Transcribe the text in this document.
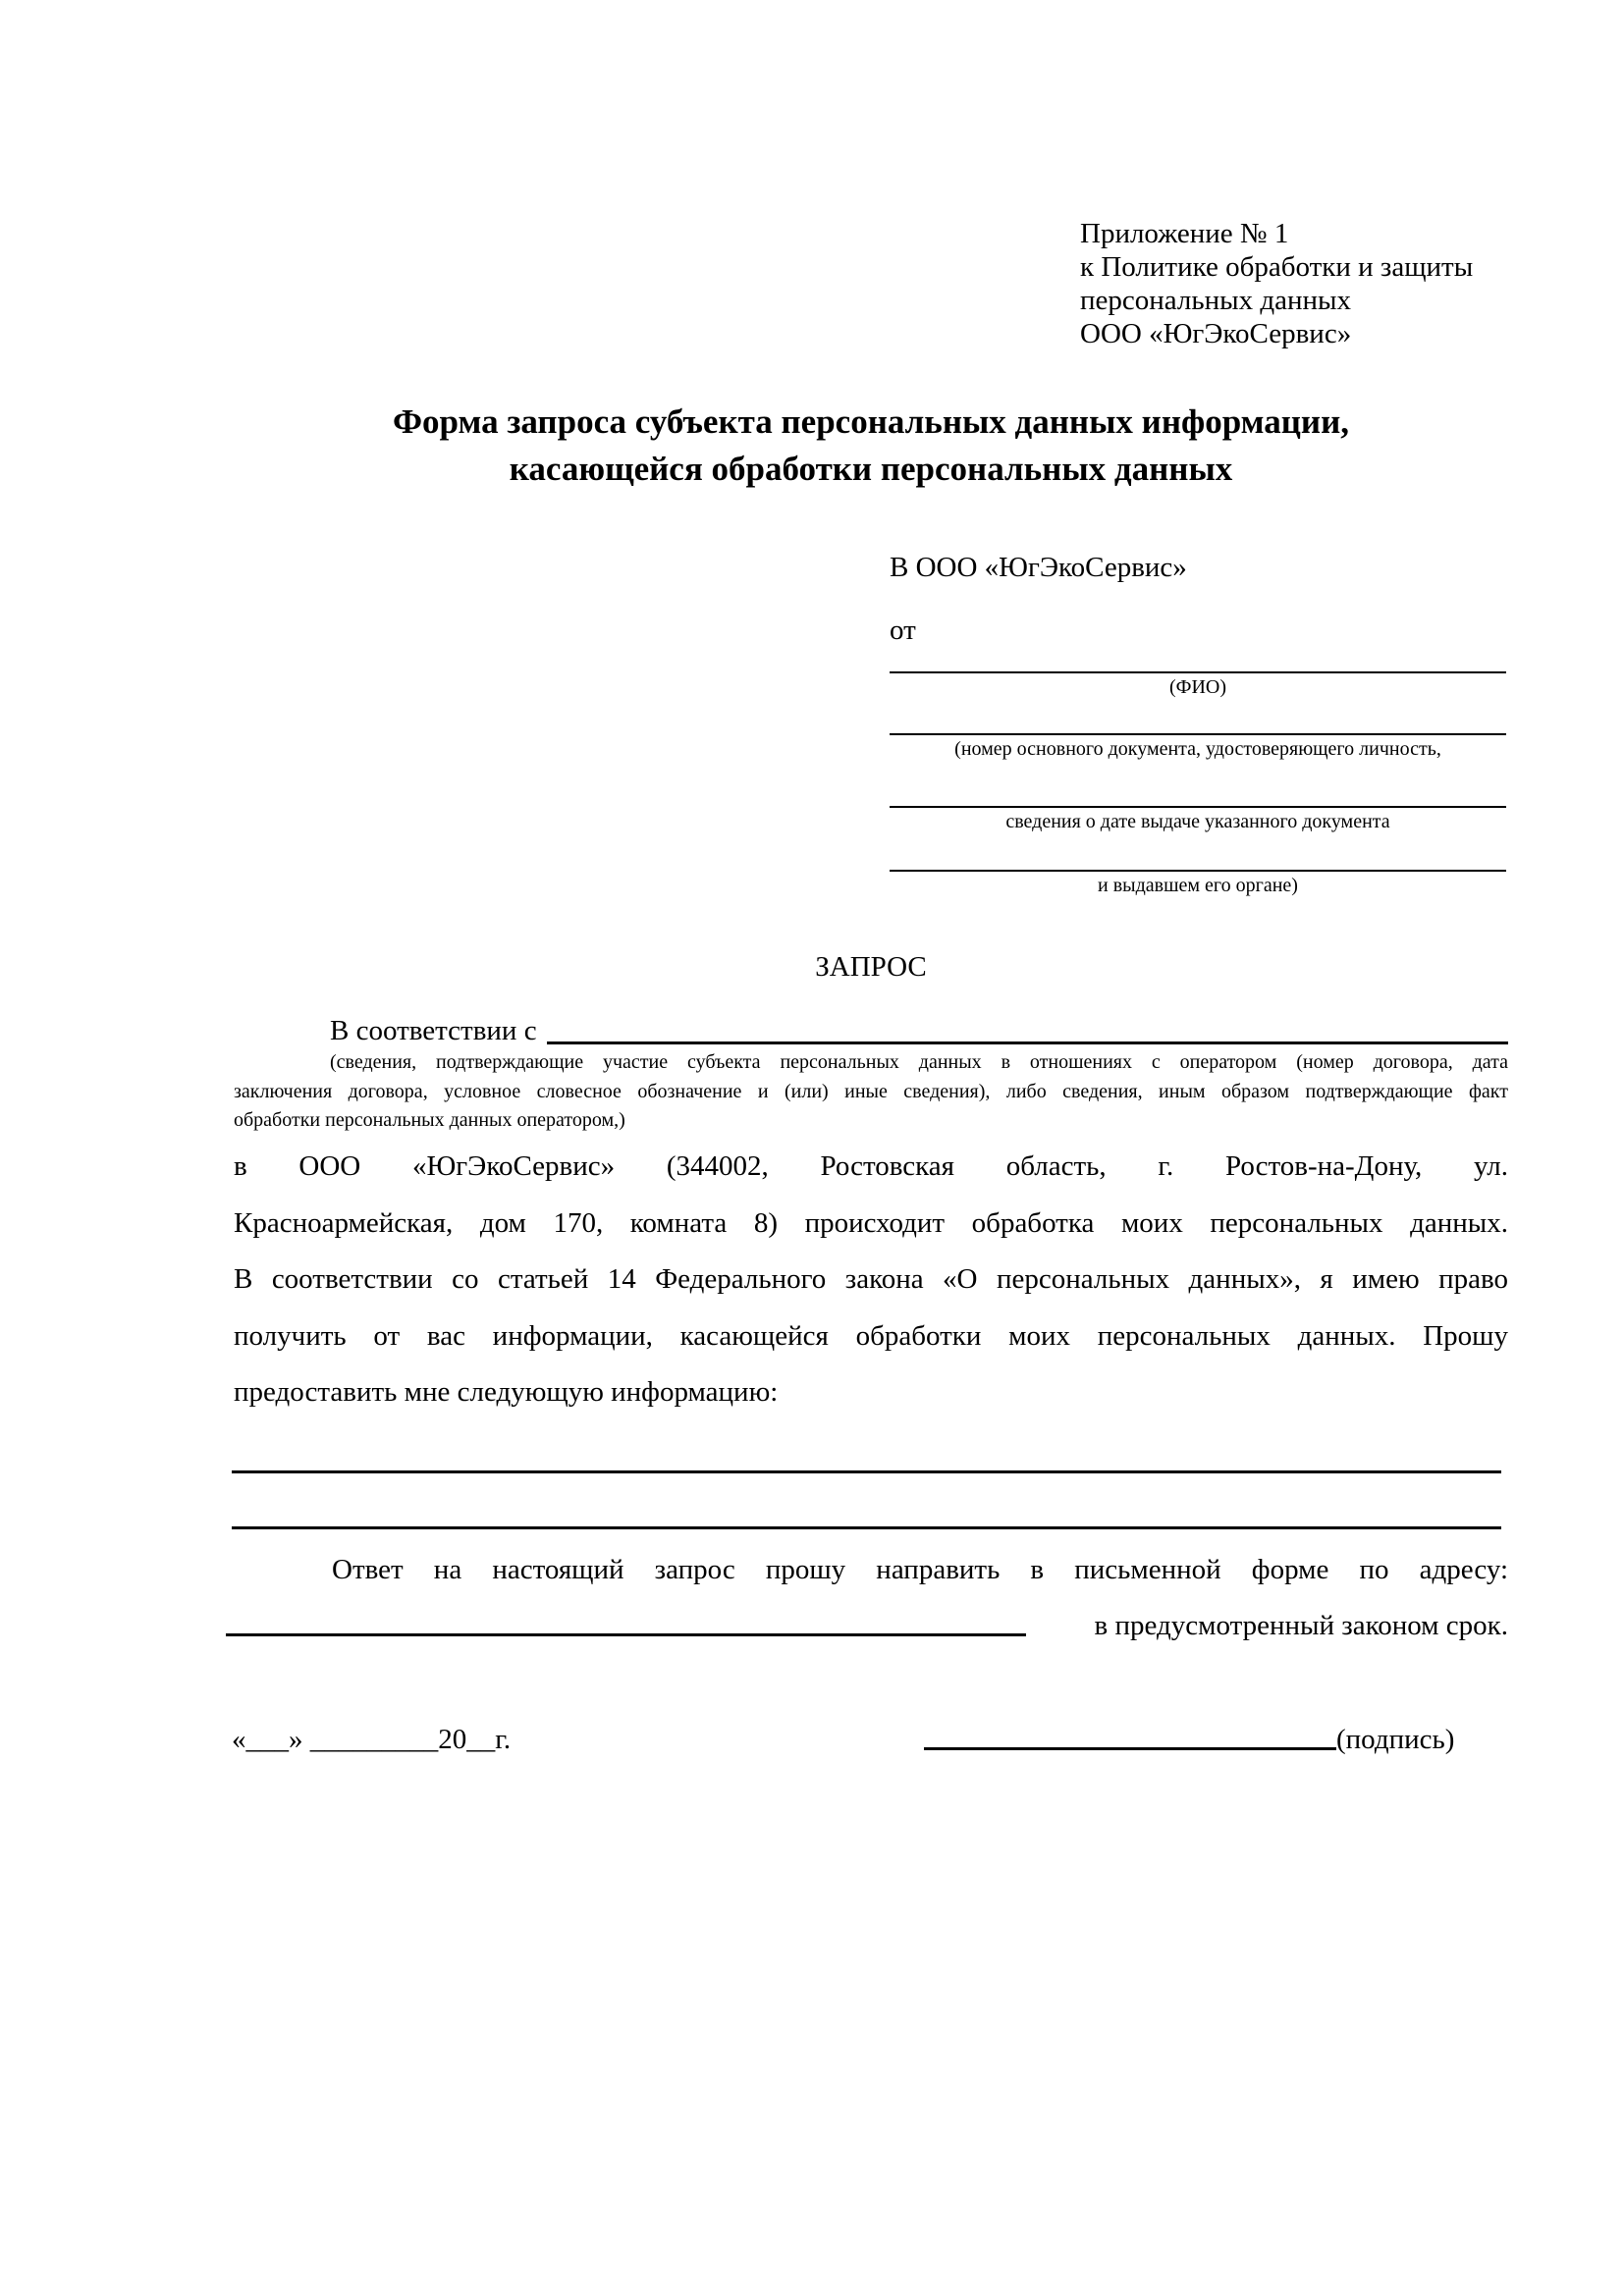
Приложение № 1
к Политике обработки и защиты
персональных данных
ООО «ЮгЭкоСервис»
Форма запроса субъекта персональных данных информации,
касающейся обработки персональных данных
В ООО «ЮгЭкоСервис»
от
(ФИО)
(номер основного документа, удостоверяющего личность,
сведения о дате выдаче указанного документа
и выдавшем его органе)
ЗАПРОС
В соответствии с
(сведения, подтверждающие участие субъекта персональных данных в отношениях с оператором (номер договора, дата
заключения договора, условное словесное обозначение и (или) иные сведения), либо сведения, иным образом подтверждающие факт
обработки персональных данных оператором,)
в ООО «ЮгЭкоСервис» (344002, Ростовская область, г. Ростов-на-Дону, ул.
Красноармейская, дом 170, комната 8) происходит обработка моих персональных данных.
В соответствии со статьей 14 Федерального закона «О персональных данных», я имею право
получить от вас информации, касающейся обработки моих персональных данных. Прошу
предоставить мне следующую информацию:
Ответ на настоящий запрос прошу направить в письменной форме по адресу:
в предусмотренный законом срок.
«___» _________20__г.	(подпись)
